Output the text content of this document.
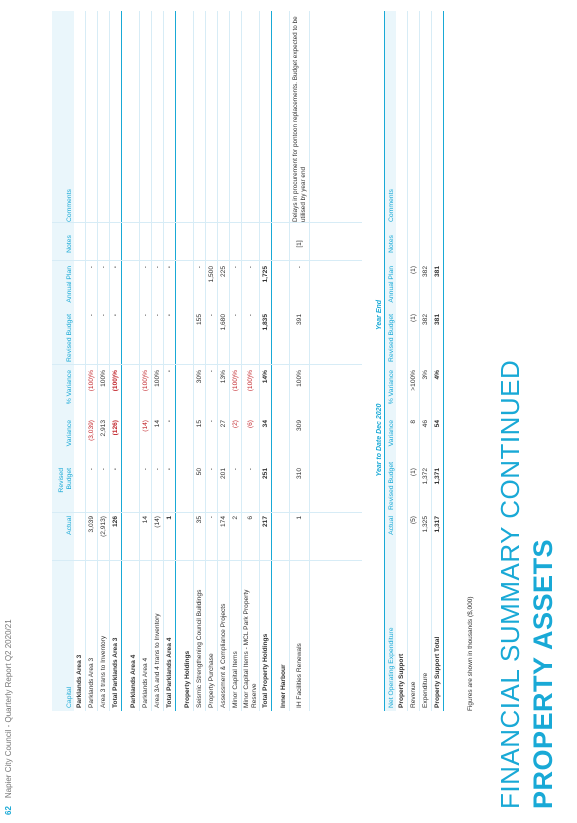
PROPERTY ASSETS
FINANCIAL SUMMARY CONTINUED
62Napier City Council - Quarterly Report Q2 2020/21	Figures are shown in thousands ($,000)
		Year to Date Dec 2020			Year End			
Net Operating Expenditure	Actual	Revised Budget	Variance	% Variance	Revised Budget	Annual Plan	Notes	Comments
Property Support								
Revenue	(5)	(1)	8	>100%	(1)	(1)		
Expenditure	1,325	1,372	46	3%	382	382		
Property Support Total	1,317	1,371	54	4%	381	381		
Capital	Actual	Revised Budget	Variance	% Variance	Revised Budget	Annual Plan	Notes	Comments
Parklands Area 3								
Parklands Area 3	3,039	-	(3,039)	(100)%	-	-		
Area 3 trans to Inventory	(2,913)	-	2,913	100%	-	-		
Total Parklands Area 3	126	-	(126)	(100)%	-	-		

Parklands Area 4								
Parklands Area 4	14	-	(14)	(100)%	-	-		
Area 3A and 4 trans to Inventory	(14)	-	14	100%	-	-		
Total Parklands Area 4	1	-	-	-	-	-		

Property Holdings								
Seismic Strengthening Council Buildings	35	50	15	30%	155	-		
Property Purchase	-	-	-	-	-	1,500		
Assessment & Compliance Projects	174	201	27	13%	1,680	225		
Minor Capital Items	2	-	(2)	(100)%	-	-		
Minor Capital Items - MCL Park Property Reserve	6	-	(6)	(100)%	-	-		
Total Property Holdings	217	251	34	14%	1,835	1,725		

Inner Harbour								
IH Facilities Renewals	1	310	309	100%	391	-	[1]	Delays in procurement for pontoon replacements. Budget expected to be utilised by year end
